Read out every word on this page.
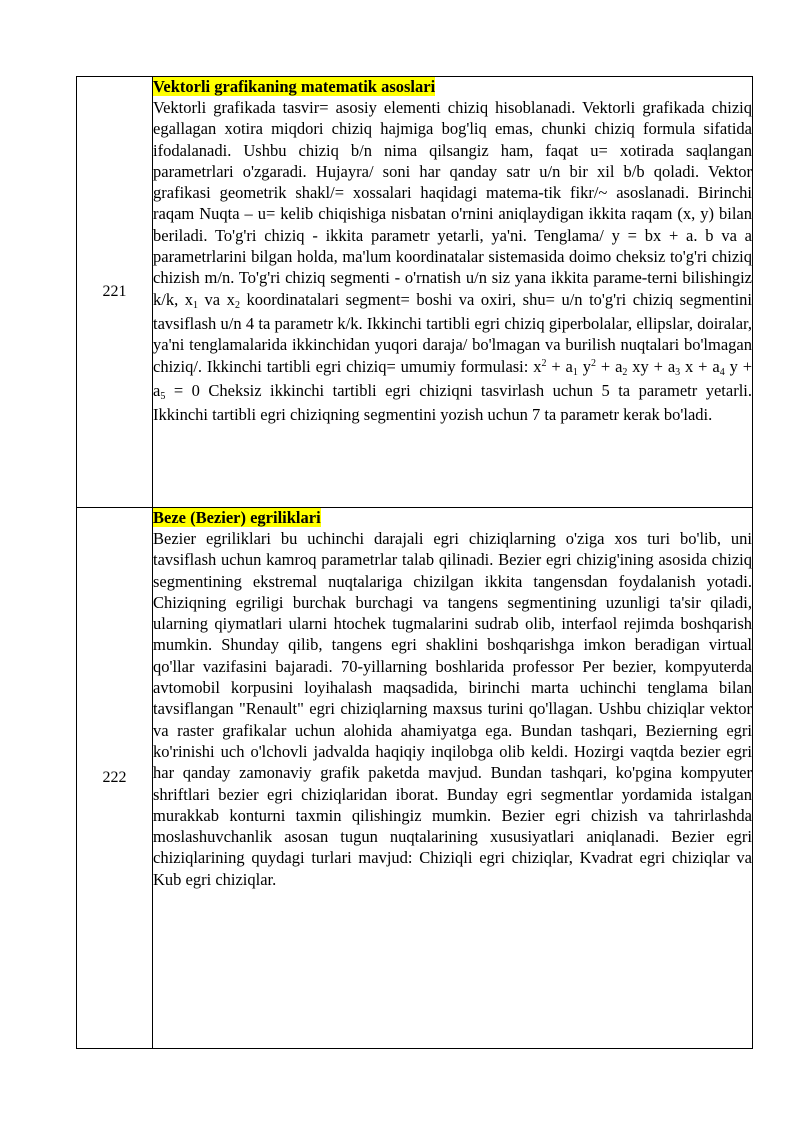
221	Vektorli grafikaning matematik asoslari

Vektorli grafikada tasvir= asosiy elementi chiziq hisoblanadi. Vektorli grafikada chiziq egallagan xotira miqdori chiziq hajmiga bog'liq emas, chunki chiziq formula sifatida ifodalanadi. Ushbu chiziq b/n nima qilsangiz ham, faqat u= xotirada saqlangan parametrlari o'zgaradi. Hujayra/ soni har qanday satr u/n bir xil b/b qoladi. Vektor grafikasi geometrik shakl/= xossalari haqidagi matema-tik fikr/~ asoslanadi. Birinchi raqam Nuqta – u= kelib chiqishiga nisbatan o'rnini aniqlaydigan ikkita raqam (x, y) bilan beriladi. To'g'ri chiziq - ikkita parametr yetarli, ya'ni. Tenglama/ y = bx + a. b va a parametrlarini bilgan holda, ma'lum koordinatalar sistemasida doimo cheksiz to'g'ri chiziq chizish m/n. To'g'ri chiziq segmenti - o'rnatish u/n siz yana ikkita parame-terni bilishingiz k/k, x1 va x2 koordinatalari segment= boshi va oxiri, shu= u/n to'g'ri chiziq segmentini tavsiflash u/n 4 ta parametr k/k. Ikkinchi tartibli egri chiziq giperbolalar, ellipslar, doiralar, ya'ni tenglamalarida ikkinchidan yuqori daraja/ bo'lmagan va burilish nuqtalari bo'lmagan chiziq/. Ikkinchi tartibli egri chiziq= umumiy formulasi: $x^2 + a1$ $y^2 + a2$ xy + a3 x + a4 y + a5 = 0 Cheksiz ikkinchi tartibli egri chiziqni tasvirlash uchun 5 ta parametr yetarli. Ikkinchi tartibli egri chiziqning segmentini yozish uchun 7 ta parametr kerak bo'ladi.

222	Beze (Bezier) egriliklari

Bezier egriliklari bu uchinchi darajali egri chiziqlarning o'ziga xos turi bo'lib, uni tavsiflash uchun kamroq parametrlar talab qilinadi. Bezier egri chizig'ining asosida chiziq segmentining ekstremal nuqtalariga chizilgan ikkita tangensdan foydalanish yotadi. Chiziqning egriligi burchak burchagi va tangens segmentining uzunligi ta'sir qiladi, ularning qiymatlari ularni htochek tugmalarini sudrab olib, interfaol rejimda boshqarish mumkin. Shunday qilib, tangens egri shaklini boshqarishga imkon beradigan virtual qo'llar vazifasini bajaradi. 70-yillarning boshlarida professor Per bezier, kompyuterda avtomobil korpusini loyihalash maqsadida, birinchi marta uchinchi tenglama bilan tavsiflangan "Renault" egri chiziqlarning maxsus turini qo'llagan. Ushbu chiziqlar vektor va raster grafikalar uchun alohida ahamiyatga ega. Bundan tashqari, Bezierning egri ko'rinishi uch o'lchovli jadvalda haqiqiy inqilobga olib keldi. Hozirgi vaqtda bezier egri har qanday zamonaviy grafik paketda mavjud. Bundan tashqari, ko'pgina kompyuter shriftlari bezier egri chiziqlaridan iborat. Bunday egri segmentlar yordamida istalgan murakkab konturni taxmin qilishingiz mumkin. Bezier egri chizish va tahrirlashda moslashuvchanlik asosan tugun nuqtalarining xususiyatlari aniqlanadi. Bezier egri chiziqlarining quydagi turlari mavjud: Chiziqli egri chiziqlar, Kvadrat egri chiziqlar va Kub egri chiziqlar.
